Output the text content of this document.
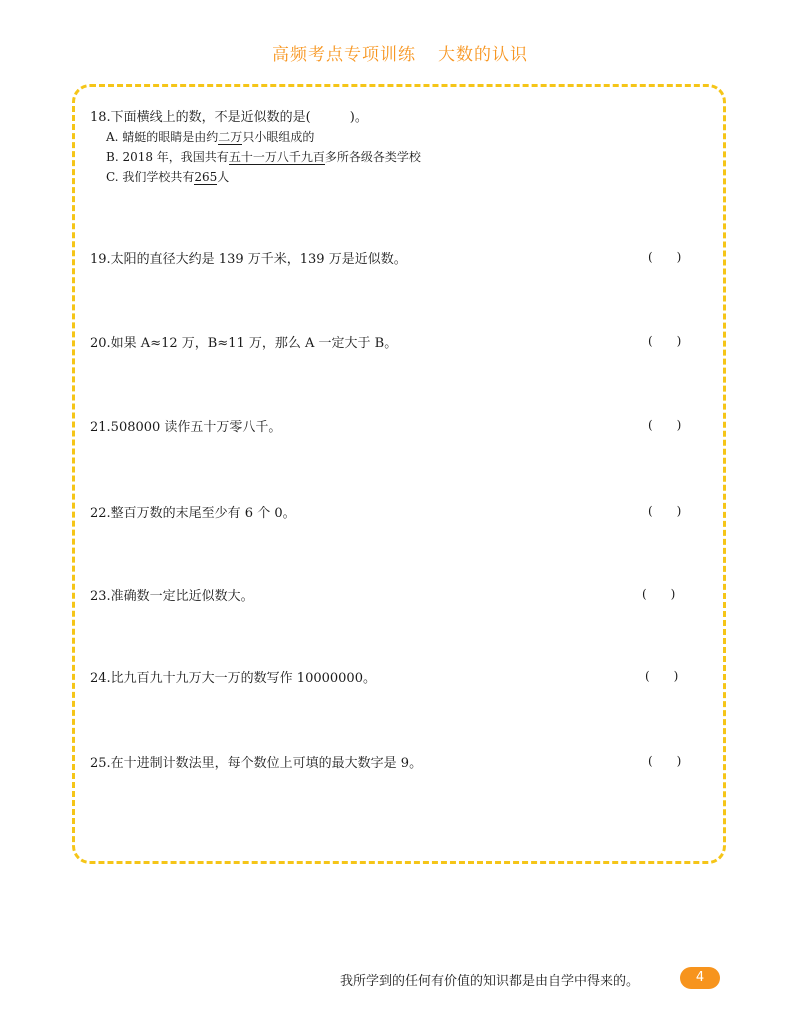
高频考点专项训练 大数的认识
18.下面横线上的数，不是近似数的是(　　　)。
A. 蜻蜓的眼睛是由约二万只小眼组成的
B. 2018 年，我国共有五十一万八千九百多所各级各类学校
C. 我们学校共有265人
19.太阳的直径大约是 139 万千米，139 万是近似数。	(　　)
20.如果 A≈12 万，B≈11 万，那么 A 一定大于 B。	(　　)
21.508000 读作五十万零八千。	(　　)
22.整百万数的末尾至少有 6 个 0。	(　　)
23.准确数一定比近似数大。	(　　)
24.比九百九十九万大一万的数写作 10000000。	(　　)
25.在十进制计数法里，每个数位上可填的最大数字是 9。	(　　)
我所学到的任何有价值的知识都是由自学中得来的。	4
